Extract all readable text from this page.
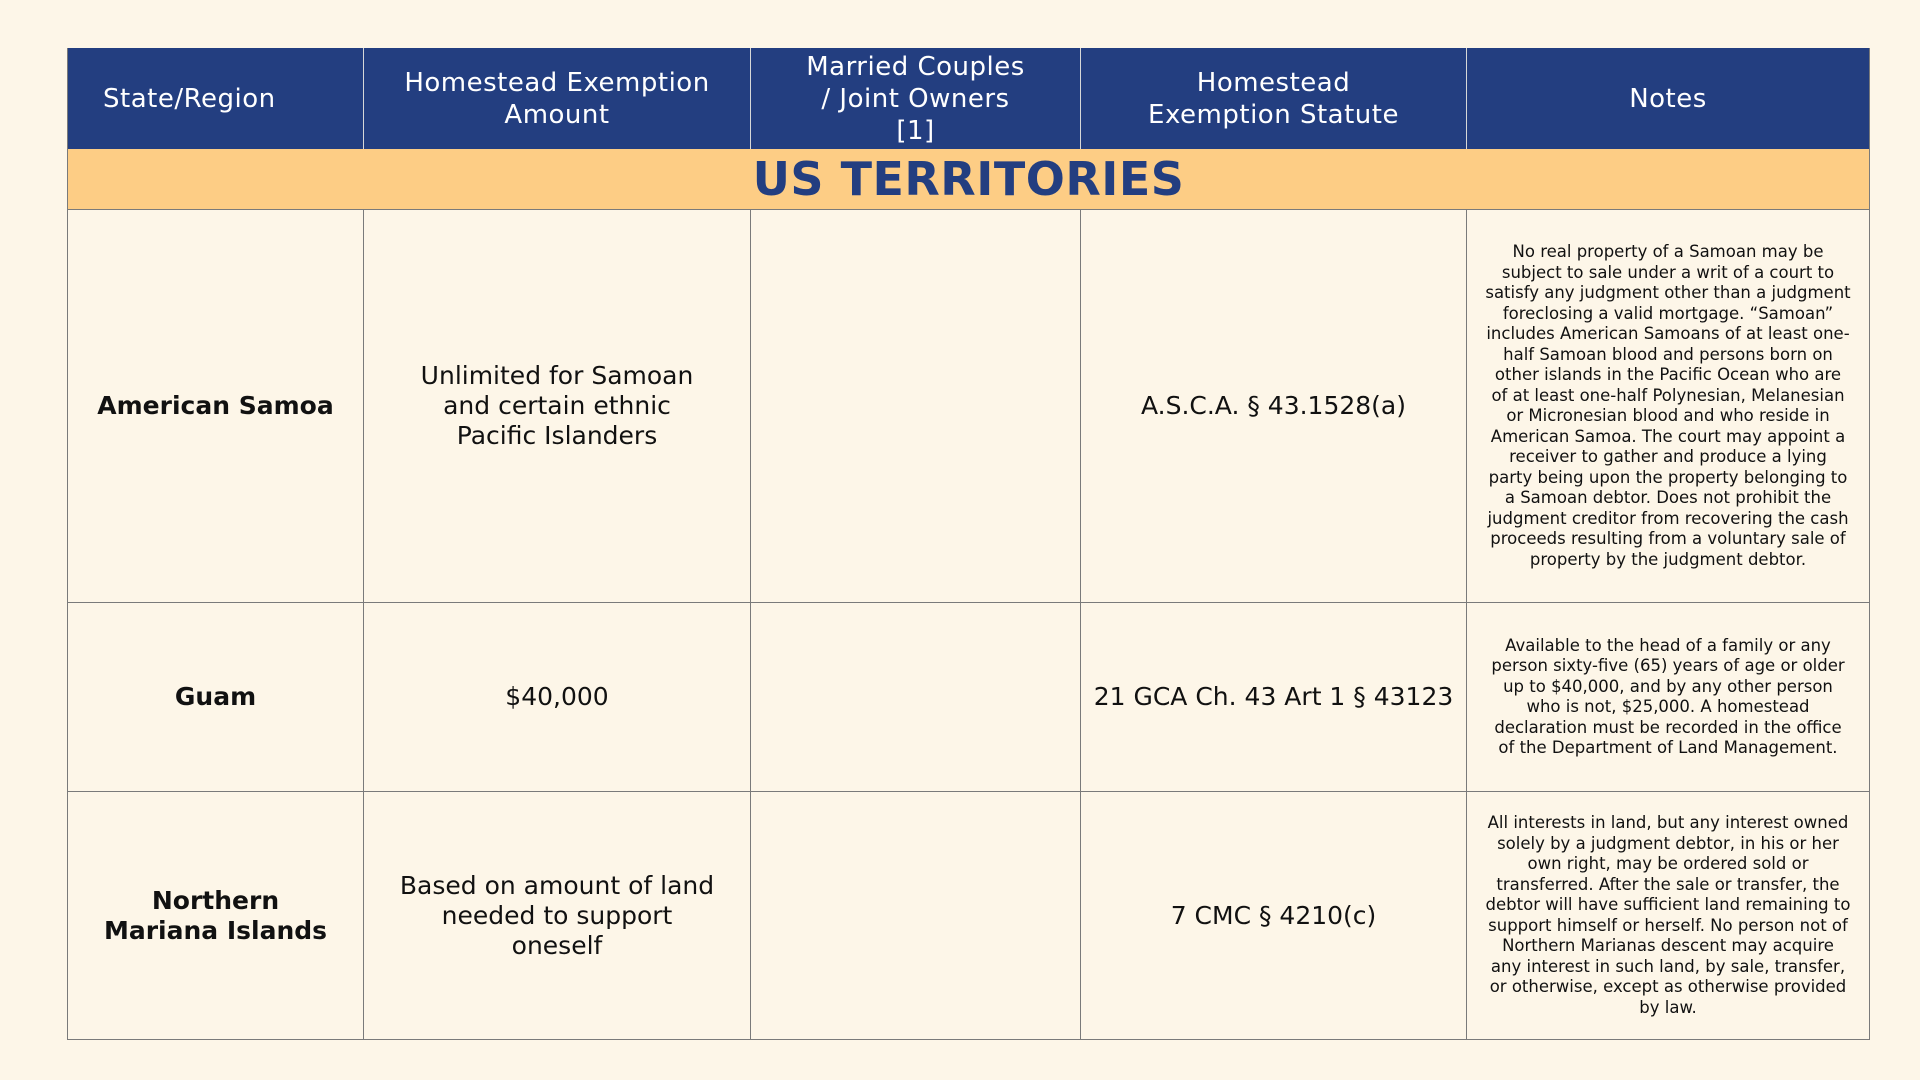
State/Region
Homestead Exemption Amount
Married Couples / Joint Owners [1]
Homestead Exemption Statute
Notes
US TERRITORIES
American Samoa
Unlimited for Samoan and certain ethnic Pacific Islanders
A.S.C.A. § 43.1528(a)
No real property of a Samoan may be subject to sale under a writ of a court to satisfy any judgment other than a judgment foreclosing a valid mortgage. “Samoan” includes American Samoans of at least one-half Samoan blood and persons born on other islands in the Pacific Ocean who are of at least one-half Polynesian, Melanesian or Micronesian blood and who reside in American Samoa. The court may appoint a receiver to gather and produce a lying party being upon the property belonging to a Samoan debtor. Does not prohibit the judgment creditor from recovering the cash proceeds resulting from a voluntary sale of property by the judgment debtor.
Guam	$40,000	21 GCA Ch. 43 Art 1 § 43123
Available to the head of a family or any person sixty-five (65) years of age or older up to $40,000, and by any other person who is not, $25,000. A homestead declaration must be recorded in the office of the Department of Land Management.
Northern Mariana Islands
Based on amount of land needed to support oneself
7 CMC § 4210(c)
All interests in land, but any interest owned solely by a judgment debtor, in his or her own right, may be ordered sold or transferred. After the sale or transfer, the debtor will have sufficient land remaining to support himself or herself. No person not of Northern Marianas descent may acquire any interest in such land, by sale, transfer, or otherwise, except as otherwise provided by law.
